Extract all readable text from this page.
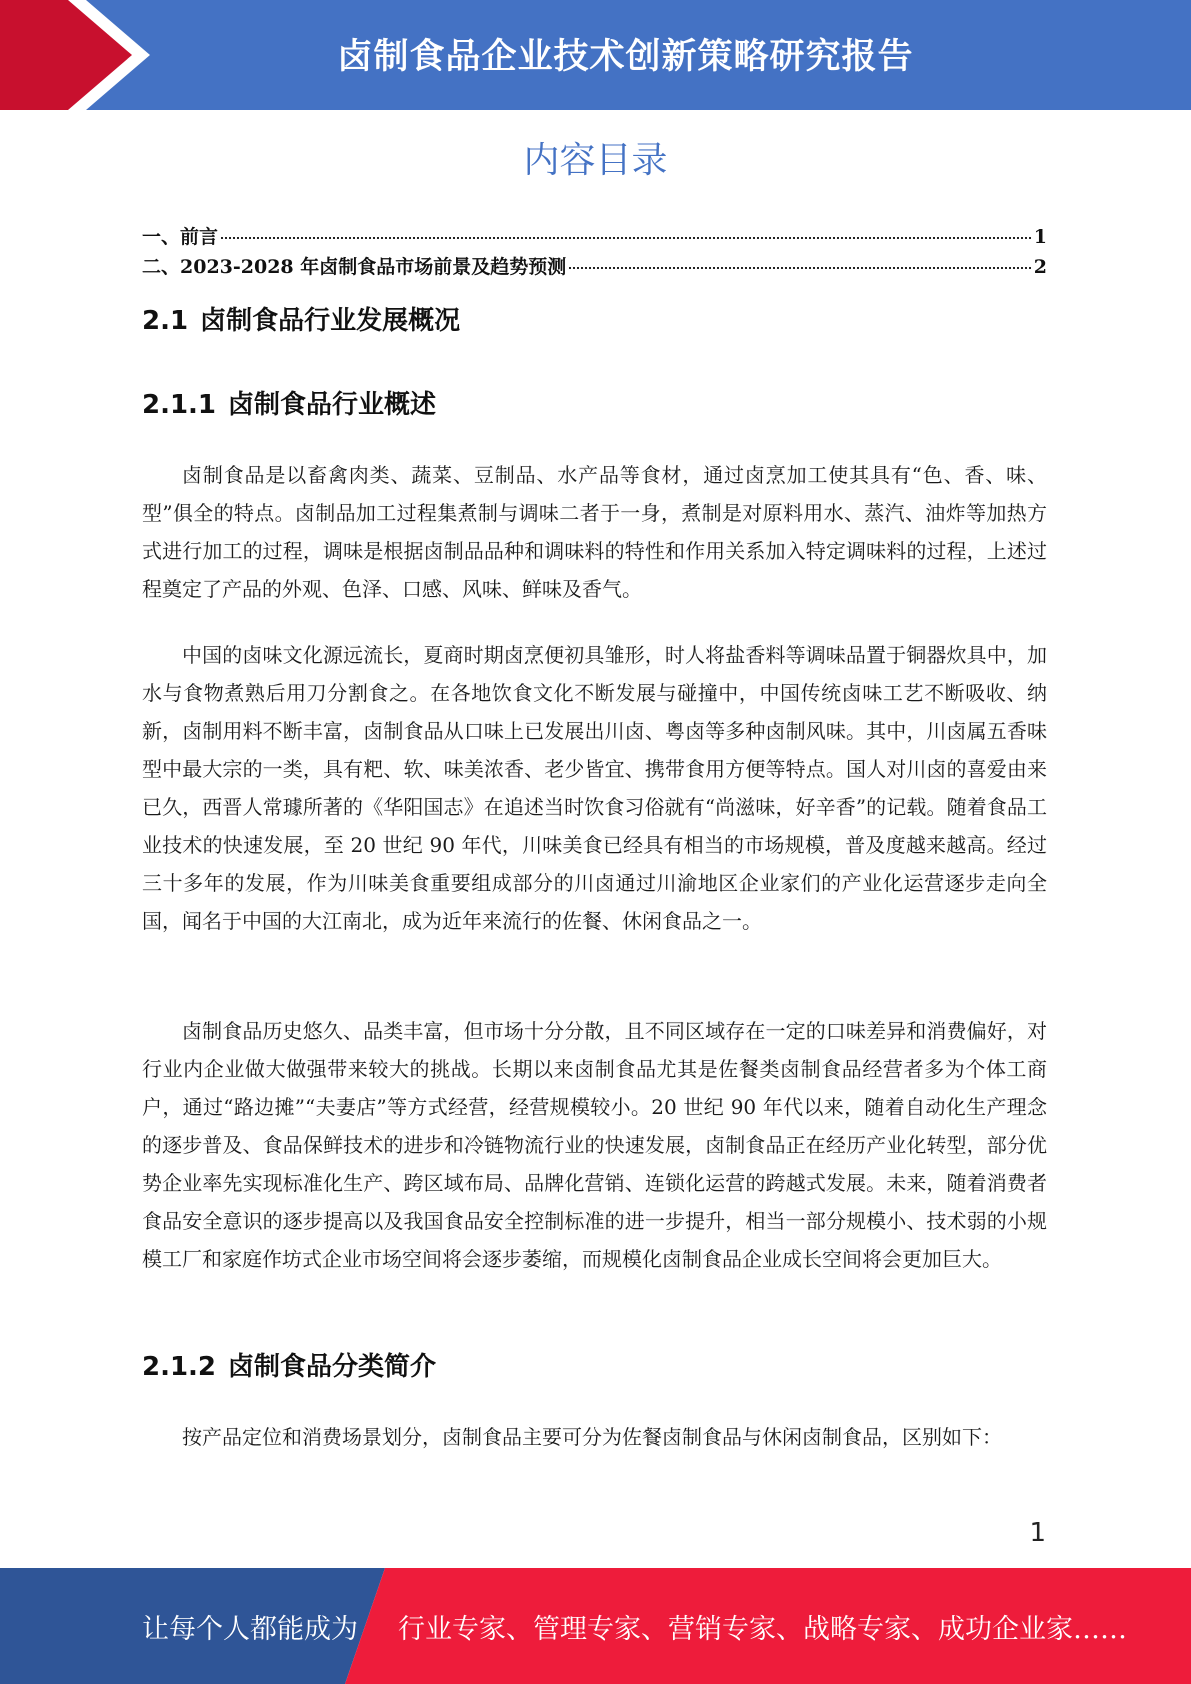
卤制食品企业技术创新策略研究报告
内容目录
一、前言	1
二、2023-2028 年卤制食品市场前景及趋势预测	2
2.1 卤制食品行业发展概况
2.1.1 卤制食品行业概述

卤制食品是以畜禽肉类、蔬菜、豆制品、水产品等食材，通过卤烹加工使其具有“色、香、味、型”俱全的特点。卤制品加工过程集煮制与调味二者于一身，煮制是对原料用水、蒸汽、油炸等加热方式进行加工的过程，调味是根据卤制品品种和调味料的特性和作用关系加入特定调味料的过程，上述过程奠定了产品的外观、色泽、口感、风味、鲜味及香气。

中国的卤味文化源远流长，夏商时期卤烹便初具雏形，时人将盐香料等调味品置于铜器炊具中，加水与食物煮熟后用刀分割食之。在各地饮食文化不断发展与碰撞中，中国传统卤味工艺不断吸收、纳新，卤制用料不断丰富，卤制食品从口味上已发展出川卤、粤卤等多种卤制风味。其中，川卤属五香味型中最大宗的一类，具有粑、软、味美浓香、老少皆宜、携带食用方便等特点。国人对川卤的喜爱由来已久，西晋人常璩所著的《华阳国志》在追述当时饮食习俗就有“尚滋味，好辛香”的记载。随着食品工业技术的快速发展，至 20 世纪 90 年代，川味美食已经具有相当的市场规模，普及度越来越高。经过三十多年的发展，作为川味美食重要组成部分的川卤通过川渝地区企业家们的产业化运营逐步走向全国，闻名于中国的大江南北，成为近年来流行的佐餐、休闲食品之一。

卤制食品历史悠久、品类丰富，但市场十分分散，且不同区域存在一定的口味差异和消费偏好，对行业内企业做大做强带来较大的挑战。长期以来卤制食品尤其是佐餐类卤制食品经营者多为个体工商户，通过“路边摊”“夫妻店”等方式经营，经营规模较小。20 世纪 90 年代以来，随着自动化生产理念的逐步普及、食品保鲜技术的进步和冷链物流行业的快速发展，卤制食品正在经历产业化转型，部分优势企业率先实现标准化生产、跨区域布局、品牌化营销、连锁化运营的跨越式发展。未来，随着消费者食品安全意识的逐步提高以及我国食品安全控制标准的进一步提升，相当一部分规模小、技术弱的小规模工厂和家庭作坊式企业市场空间将会逐步萎缩，而规模化卤制食品企业成长空间将会更加巨大。

2.1.2 卤制食品分类简介

按产品定位和消费场景划分，卤制食品主要可分为佐餐卤制食品与休闲卤制食品，区别如下：

1
让每个人都能成为 行业专家、管理专家、营销专家、战略专家、成功企业家……
